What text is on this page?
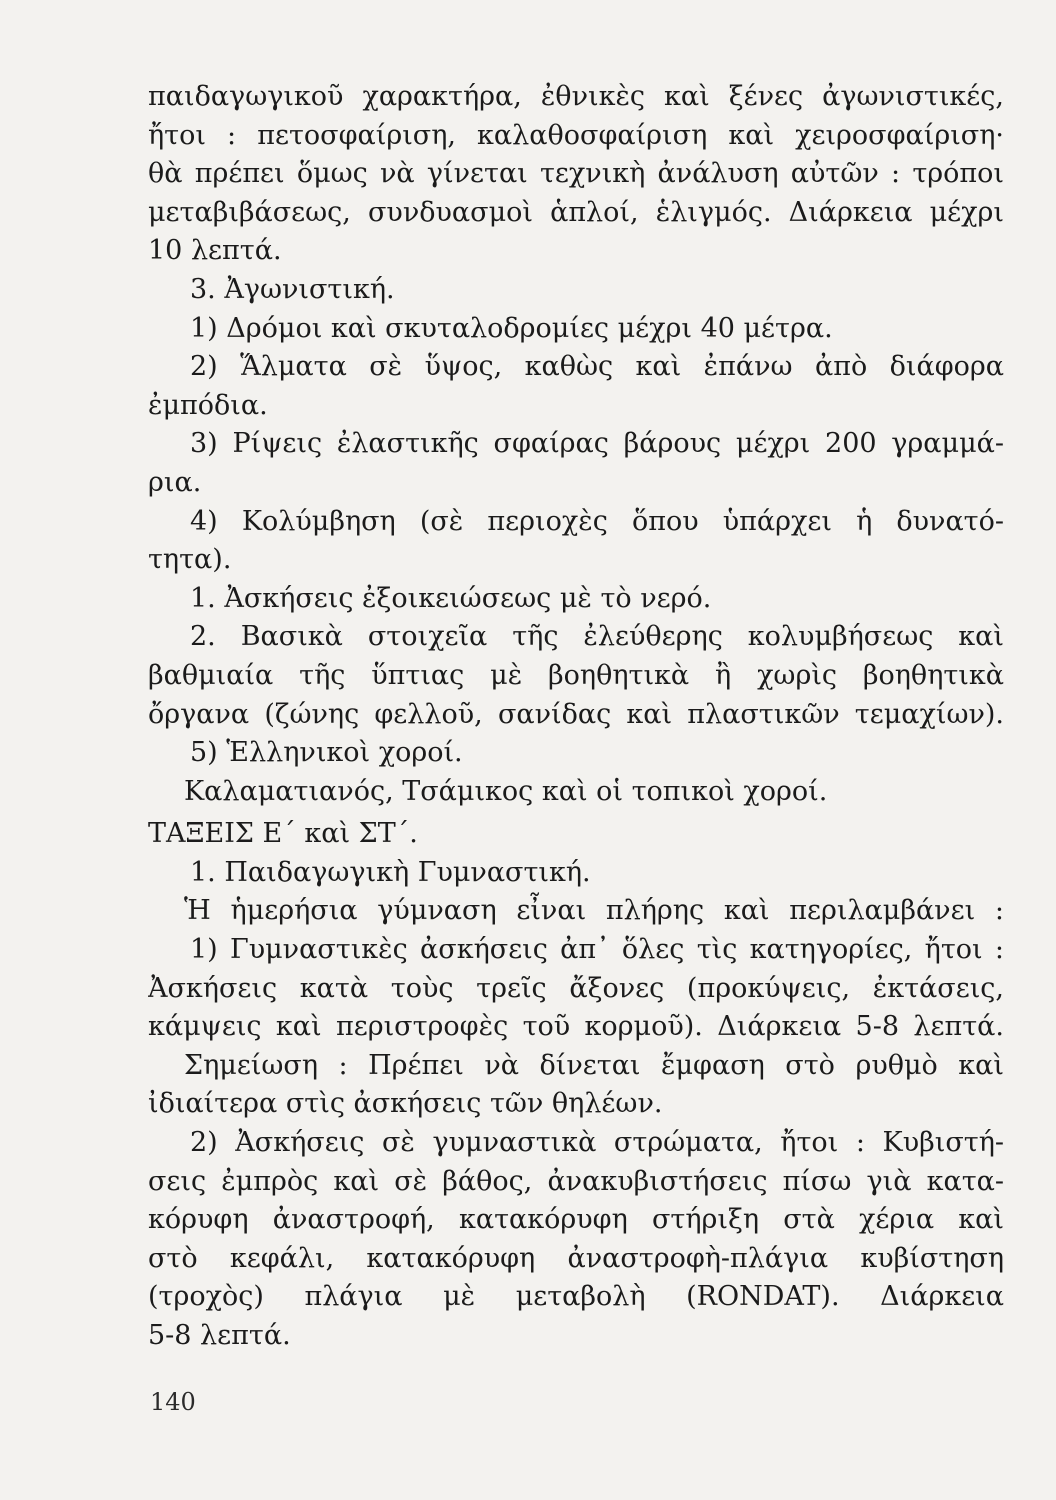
παιδαγωγικοῦ χαρακτήρα, ἐθνικὲς καὶ ξένες ἀγωνιστικές,
ἤτοι : πετοσφαίριση, καλαθοσφαίριση καὶ χειροσφαίριση·
θὰ πρέπει ὅμως νὰ γίνεται τεχνικὴ ἀνάλυση αὐτῶν : τρόποι
μεταβιβάσεως, συνδυασμοὶ ἁπλοί, ἑλιγμός. Διάρκεια μέχρι
10 λεπτά.
3. Ἀγωνιστική.
1) Δρόμοι καὶ σκυταλοδρομίες μέχρι 40 μέτρα.
2) Ἅλματα σὲ ὕψος, καθὼς καὶ ἐπάνω ἀπὸ διάφορα
ἐμπόδια.
3) Ρίψεις ἐλαστικῆς σφαίρας βάρους μέχρι 200 γραμμά-
ρια.
4) Κολύμβηση (σὲ περιοχὲς ὅπου ὑπάρχει ἡ δυνατό-
τητα).
1. Ἀσκήσεις ἐξοικειώσεως μὲ τὸ νερό.
2. Βασικὰ στοιχεῖα τῆς ἐλεύθερης κολυμβήσεως καὶ
βαθμιαία τῆς ὕπτιας μὲ βοηθητικὰ ἢ χωρὶς βοηθητικὰ
ὄργανα (ζώνης φελλοῦ, σανίδας καὶ πλαστικῶν τεμαχίων).
5) Ἑλληνικοὶ χοροί.
Καλαματιανός, Τσάμικος καὶ οἱ τοπικοὶ χοροί.
ΤΑΞΕΙΣ Ε΄ καὶ ΣΤ΄.
1. Παιδαγωγικὴ Γυμναστική.
Ἡ ἡμερήσια γύμναση εἶναι πλήρης καὶ περιλαμβάνει :
1) Γυμναστικὲς ἀσκήσεις ἀπ᾿ ὅλες τὶς κατηγορίες, ἤτοι :
Ἀσκήσεις κατὰ τοὺς τρεῖς ἄξονες (προκύψεις, ἐκτάσεις,
κάμψεις καὶ περιστροφὲς τοῦ κορμοῦ). Διάρκεια 5-8 λεπτά.
Σημείωση : Πρέπει νὰ δίνεται ἔμφαση στὸ ρυθμὸ καὶ
ἰδιαίτερα στὶς ἀσκήσεις τῶν θηλέων.
2) Ἀσκήσεις σὲ γυμναστικὰ στρώματα, ἤτοι : Κυβιστή-
σεις ἐμπρὸς καὶ σὲ βάθος, ἀνακυβιστήσεις πίσω γιὰ κατα-
κόρυφη ἀναστροφή, κατακόρυφη στήριξη στὰ χέρια καὶ
στὸ κεφάλι, κατακόρυφη ἀναστροφὴ-πλάγια κυβίστηση
(τροχὸς) πλάγια μὲ μεταβολὴ (RONDAT). Διάρκεια
5-8 λεπτά.
140
